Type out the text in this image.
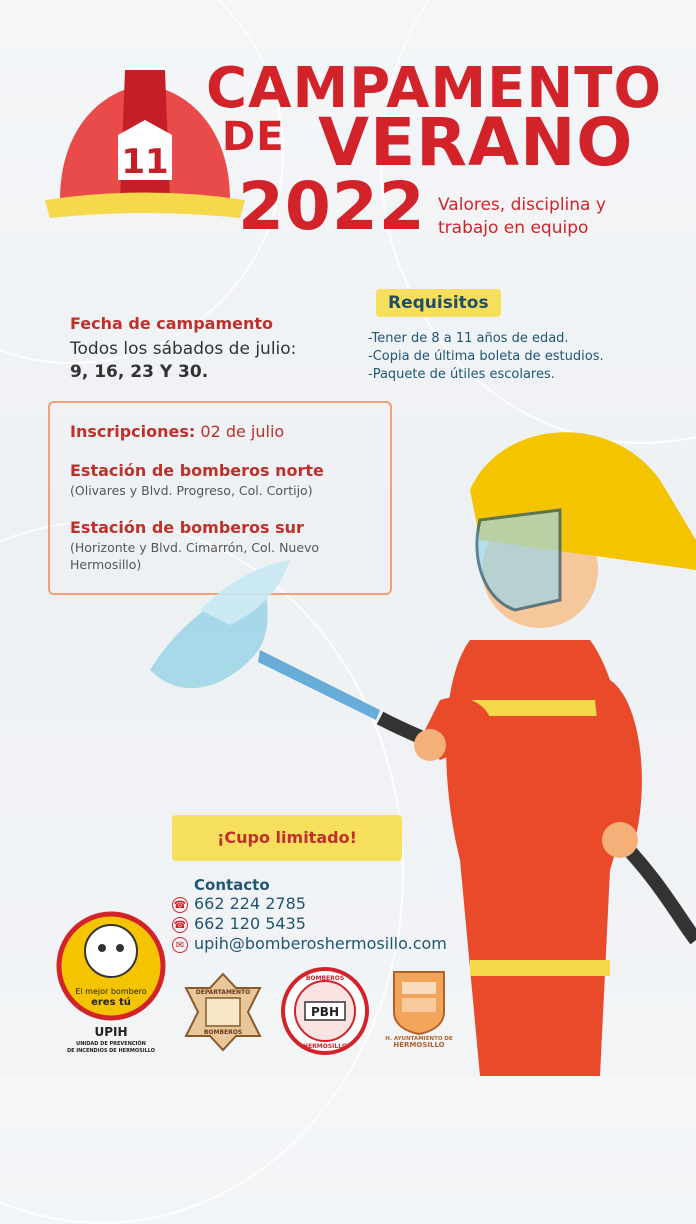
11
CAMPAMENTO
DE VERANO
2022 Valores, disciplina y
trabajo en equipo
Fecha de campamento
Todos los sábados de julio: 9, 16, 23 Y 30.
Requisitos
-Tener de 8 a 11 años de edad.
-Copia de última boleta de estudios.
-Paquete de útiles escolares.
Inscripciones: 02 de julio
Estación de bomberos norte
(Olivares y Blvd. Progreso, Col. Cortijo)
Estación de bomberos sur
(Horizonte y Blvd. Cimarrón, Col. Nuevo Hermosillo)
¡Cupo limitado!
Contacto
☎ 662 224 2785
☎ 662 120 5435
✉ upih@bomberoshermosillo.com
El mejor bombero
eres tú
UPIH
UNIDAD DE PREVENCIÓN
DE INCENDIOS DE HERMOSILLO
DEPARTAMENTO
BOMBEROS
BOMBEROS
PBH
HERMOSILLO
H. AYUNTAMIENTO DE
HERMOSILLO
